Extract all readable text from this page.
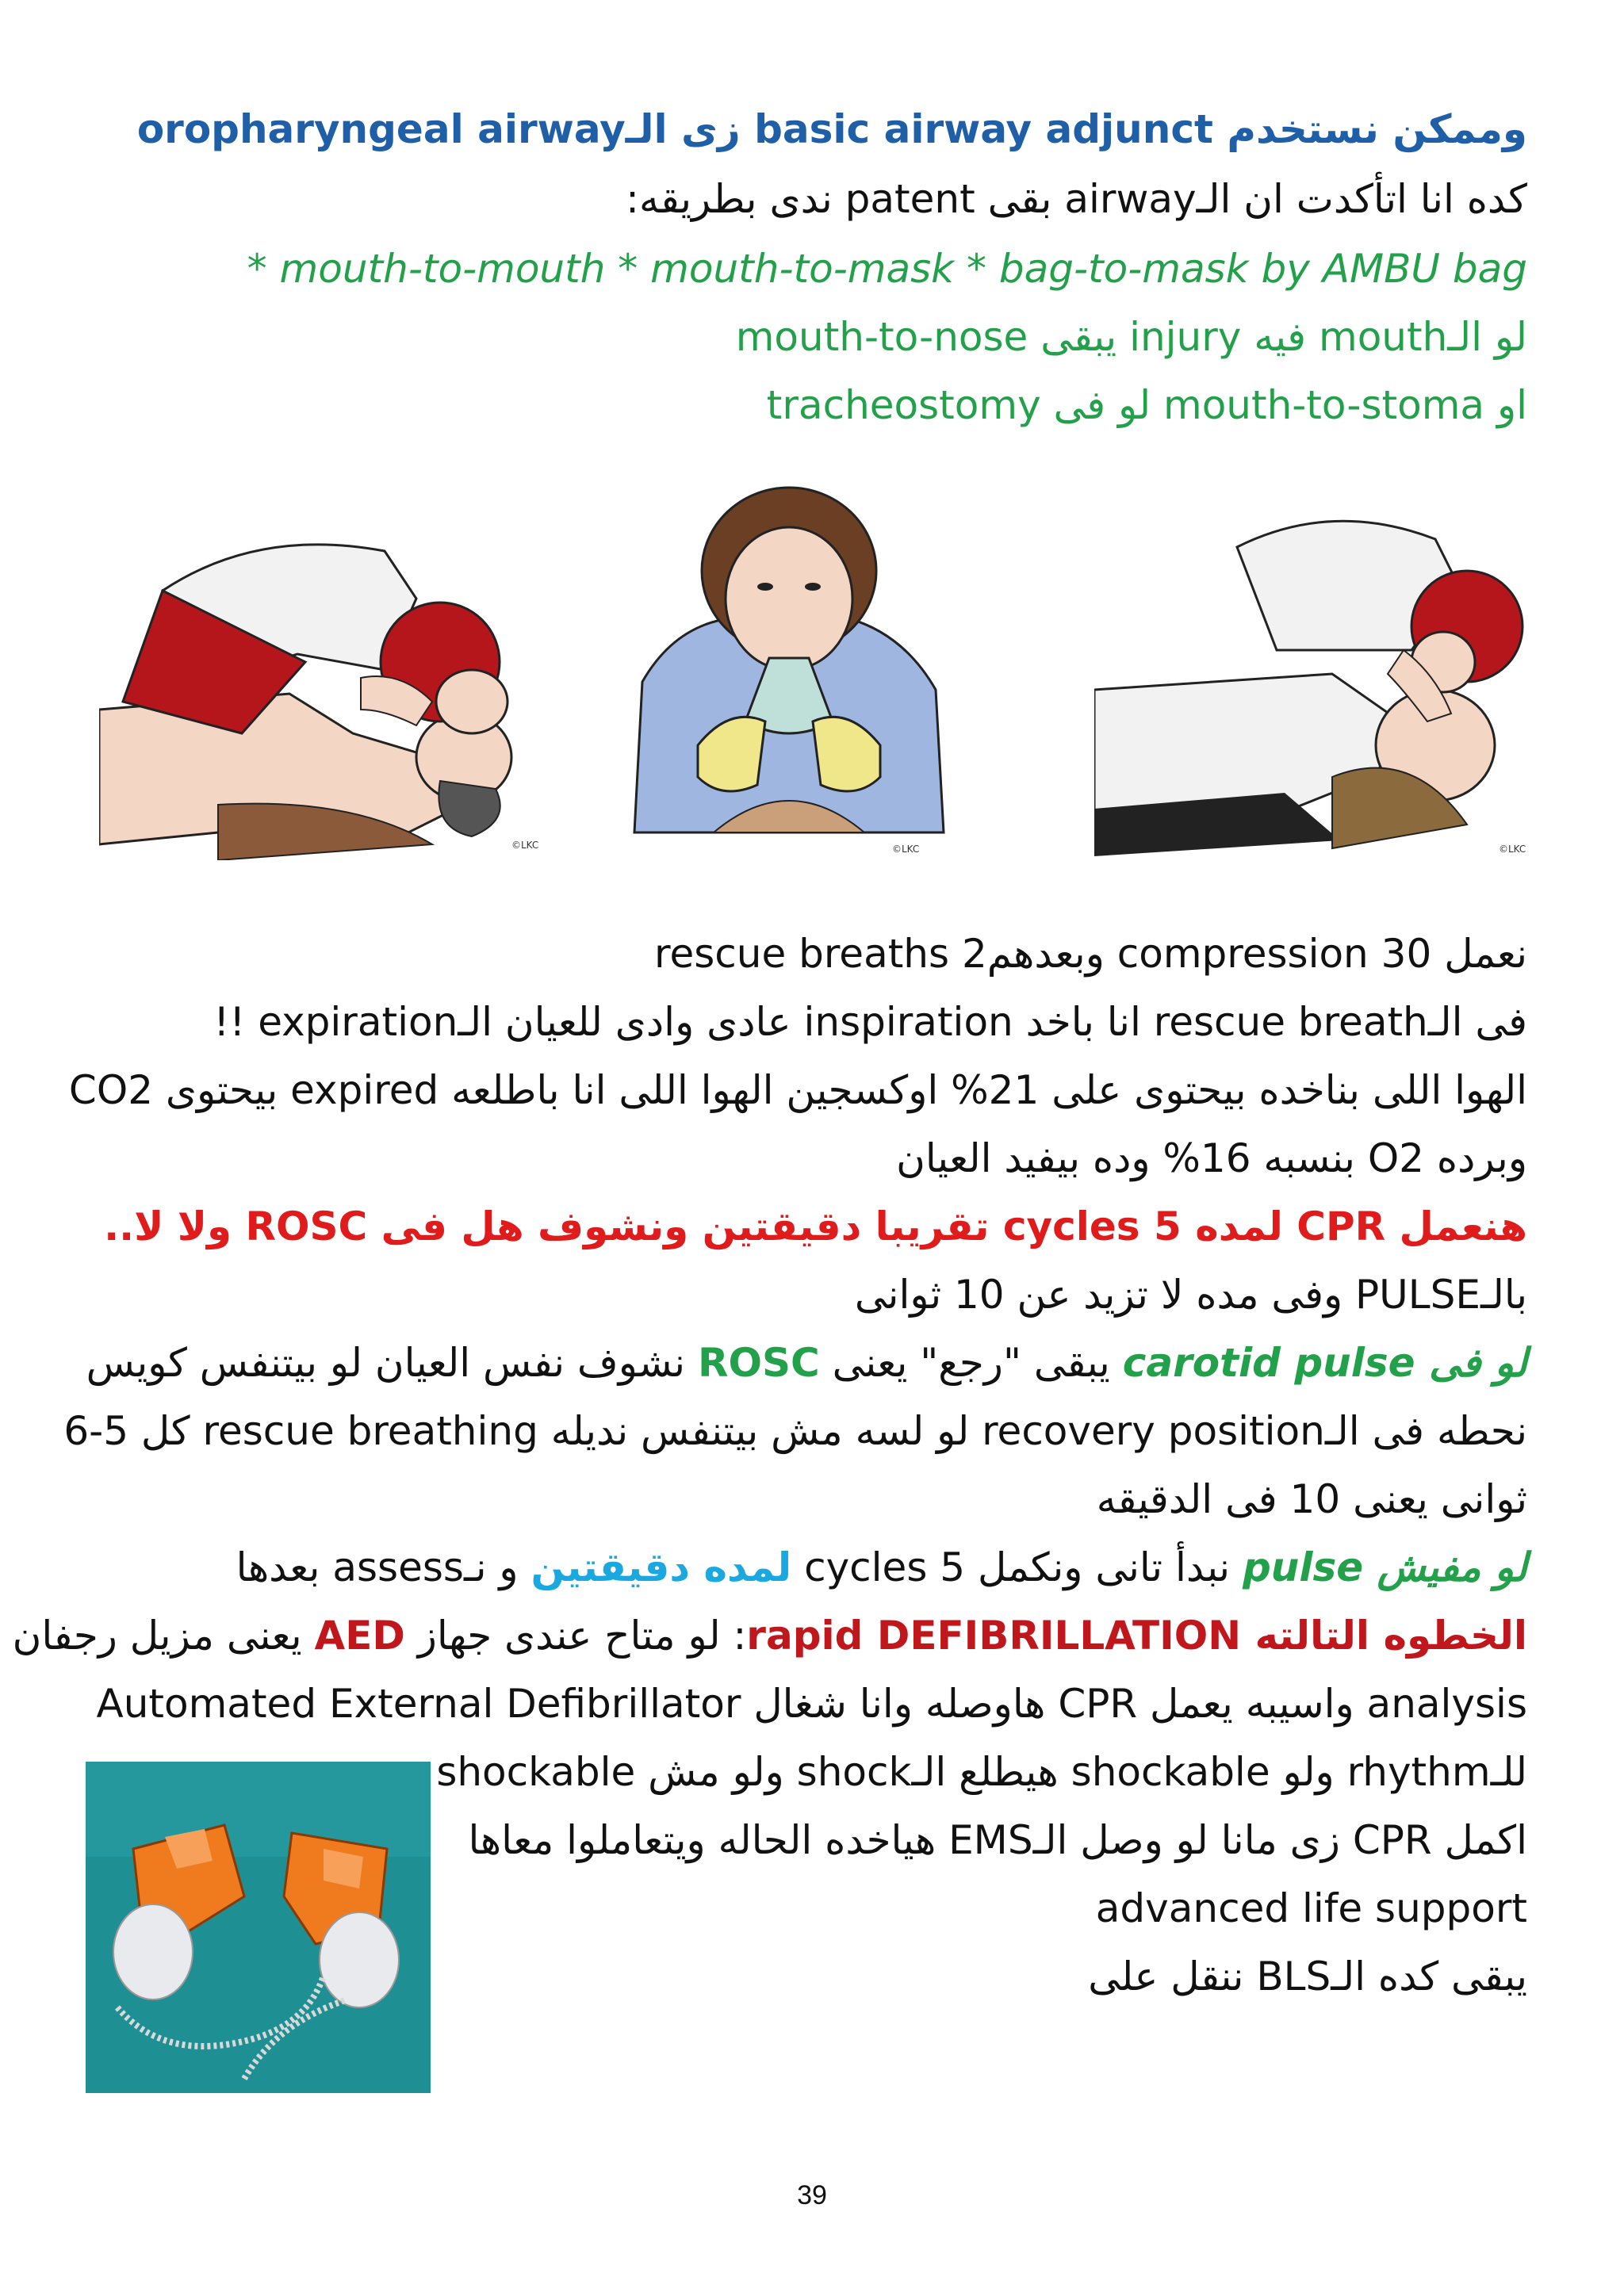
وممكن نستخدم basic airway adjunct زى الـoropharyngeal airway
كده انا اتأكدت ان الـairway بقى patent ندى بطريقه:
* mouth-to-mouth * mouth-to-mask * bag-to-mask by AMBU bag
لو الـmouth فيه injury يبقى mouth-to-nose
او mouth-to-stoma لو فى tracheostomy
©LKC	©LKC	©LKC
نعمل 30 compression وبعدهم2 rescue breaths
فى الـrescue breath انا باخد inspiration عادى وادى للعيان الـexpiration !!
الهوا اللى بناخده بيحتوى على 21% اوكسجين الهوا اللى انا باطلعه expired بيحتوى CO2
وبرده O2 بنسبه 16% وده بيفيد العيان
هنعمل CPR لمده 5 cycles تقريبا دقيقتين ونشوف هل فى ROSC ولا لا..
بالـPULSE وفى مده لا تزيد عن 10 ثوانى
لو فى carotid pulse يبقى "رجع" يعنى ROSC نشوف نفس العيان لو بيتنفس كويس
نحطه فى الـrecovery position لو لسه مش بيتنفس نديله rescue breathing كل 5-6
ثوانى يعنى 10 فى الدقيقه
لو مفيش pulse نبدأ تانى ونكمل 5 cycles لمده دقيقتين و نـassess بعدها
الخطوه التالته rapid DEFIBRILLATION: لو متاح عندى جهاز AED يعنى مزيل رجفان
Automated External Defibrillator هاوصله وانا شغال CPR واسيبه يعمل analysis
للـrhythm ولو shockable هيطلع الـshock ولو مش shockable
اكمل CPR زى مانا لو وصل الـEMS هياخده الحاله ويتعاملوا معاها
advanced life support
يبقى كده الـBLS ننقل على
39
